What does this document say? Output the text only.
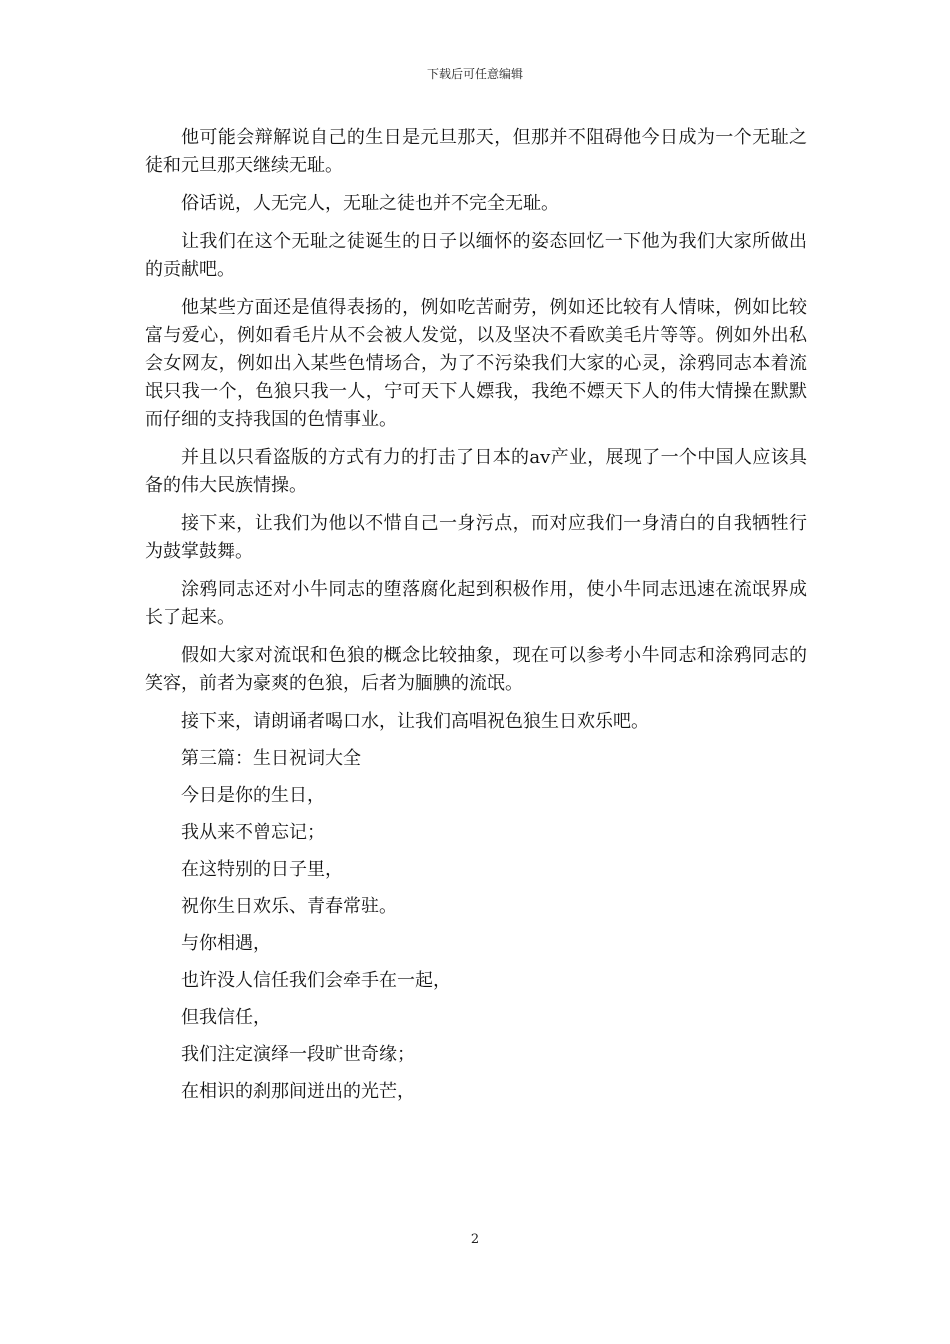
下载后可任意编辑

他可能会辩解说自己的生日是元旦那天，但那并不阻碍他今日成为一个无耻之徒和元旦那天继续无耻。

俗话说，人无完人，无耻之徒也并不完全无耻。

让我们在这个无耻之徒诞生的日子以缅怀的姿态回忆一下他为我们大家所做出的贡献吧。

他某些方面还是值得表扬的，例如吃苦耐劳，例如还比较有人情味，例如比较富与爱心，例如看毛片从不会被人发觉，以及坚决不看欧美毛片等等。例如外出私会女网友，例如出入某些色情场合，为了不污染我们大家的心灵，涂鸦同志本着流氓只我一个，色狼只我一人，宁可天下人嫖我，我绝不嫖天下人的伟大情操在默默而仔细的支持我国的色情事业。

并且以只看盗版的方式有力的打击了日本的av产业，展现了一个中国人应该具备的伟大民族情操。

接下来，让我们为他以不惜自己一身污点，而对应我们一身清白的自我牺牲行为鼓掌鼓舞。

涂鸦同志还对小牛同志的堕落腐化起到积极作用，使小牛同志迅速在流氓界成长了起来。

假如大家对流氓和色狼的概念比较抽象，现在可以参考小牛同志和涂鸦同志的笑容，前者为豪爽的色狼，后者为腼腆的流氓。

接下来，请朗诵者喝口水，让我们高唱祝色狼生日欢乐吧。
第三篇：生日祝词大全
今日是你的生日，
我从来不曾忘记；
在这特别的日子里，
祝你生日欢乐、青春常驻。
与你相遇，
也许没人信任我们会牵手在一起，
但我信任，
我们注定演绎一段旷世奇缘；
在相识的刹那间迸出的光芒，
2
